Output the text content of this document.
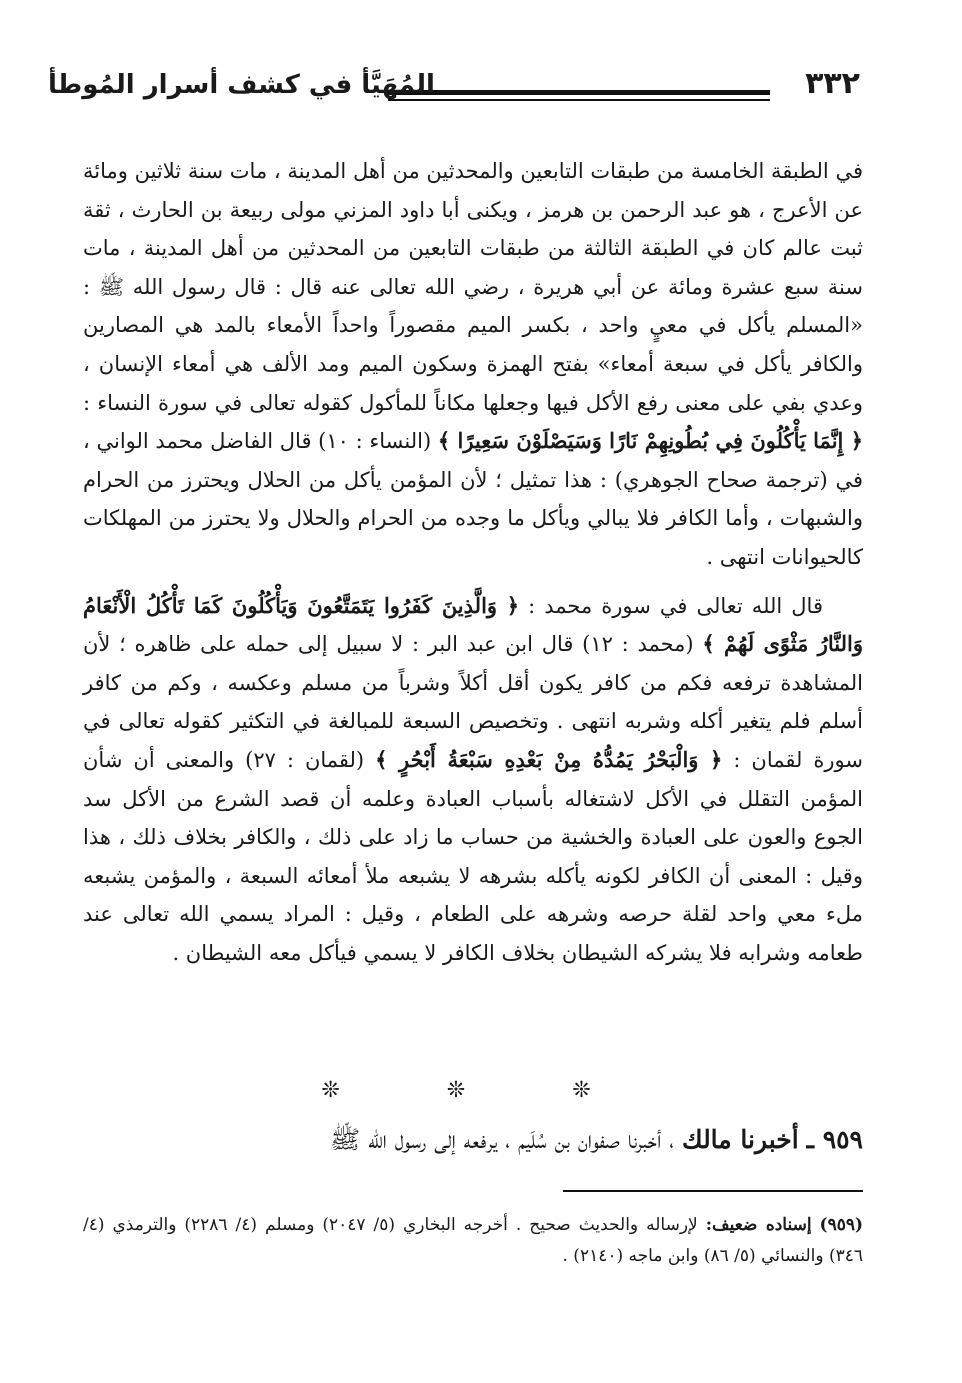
٣٣٢
المُهَيَّأ في كشف أسرار المُوطأ

في الطبقة الخامسة من طبقات التابعين والمحدثين من أهل المدينة ، مات سنة ثلاثين ومائة عن الأعرج ، هو عبد الرحمن بن هرمز ، ويكنى أبا داود المزني مولى ربيعة بن الحارث ، ثقة ثبت عالم كان في الطبقة الثالثة من طبقات التابعين من المحدثين من أهل المدينة ، مات سنة سبع عشرة ومائة عن أبي هريرة ، رضي الله تعالى عنه قال : قال رسول الله ﷺ : «المسلم يأكل في معيٍ واحد ، بكسر الميم مقصوراً واحداً الأمعاء بالمد هي المصارين والكافر يأكل في سبعة أمعاء» بفتح الهمزة وسكون الميم ومد الألف هي أمعاء الإنسان ، وعدي بفي على معنى رفع الأكل فيها وجعلها مكاناً للمأكول كقوله تعالى في سورة النساء : ﴿ إِنَّمَا يَأْكُلُونَ فِي بُطُونِهِمْ نَارًا وَسَيَصْلَوْنَ سَعِيرًا ﴾ (النساء : ١٠) قال الفاضل محمد الواني ، في (ترجمة صحاح الجوهري) : هذا تمثيل ؛ لأن المؤمن يأكل من الحلال ويحترز من الحرام والشبهات ، وأما الكافر فلا يبالي ويأكل ما وجده من الحرام والحلال ولا يحترز من المهلكات كالحيوانات انتهى .

قال الله تعالى في سورة محمد : ﴿ وَالَّذِينَ كَفَرُوا يَتَمَتَّعُونَ وَيَأْكُلُونَ كَمَا تَأْكُلُ الْأَنْعَامُ وَالنَّارُ مَثْوًى لَهُمْ ﴾ (محمد : ١٢) قال ابن عبد البر : لا سبيل إلى حمله على ظاهره ؛ لأن المشاهدة ترفعه فكم من كافر يكون أقل أكلاً وشرباً من مسلم وعكسه ، وكم من كافر أسلم فلم يتغير أكله وشربه انتهى . وتخصيص السبعة للمبالغة في التكثير كقوله تعالى في سورة لقمان : ﴿ وَالْبَحْرُ يَمُدُّهُ مِنْ بَعْدِهِ سَبْعَةُ أَبْحُرٍ ﴾ (لقمان : ٢٧) والمعنى أن شأن المؤمن التقلل في الأكل لاشتغاله بأسباب العبادة وعلمه أن قصد الشرع من الأكل سد الجوع والعون على العبادة والخشية من حساب ما زاد على ذلك ، والكافر بخلاف ذلك ، هذا وقيل : المعنى أن الكافر لكونه يأكله بشرهه لا يشبعه ملأ أمعائه السبعة ، والمؤمن يشبعه ملء معي واحد لقلة حرصه وشرهه على الطعام ، وقيل : المراد يسمي الله تعالى عند طعامه وشرابه فلا يشركه الشيطان بخلاف الكافر لا يسمي فيأكل معه الشيطان .

❊ ❊ ❊
٩٥٩ ـ أخبرنا مالك ، أخبرنا صفوان بن سُلَيم ، يرفعه إلى رسول الله ﷺ
(٩٥٩) إسناده ضعيف: لإرساله والحديث صحيح . أخرجه البخاري (٥/ ٢٠٤٧) ومسلم (٤/ ٢٢٨٦) والترمذي (٤/ ٣٤٦) والنسائي (٥/ ٨٦) وابن ماجه (٢١٤٠) .
